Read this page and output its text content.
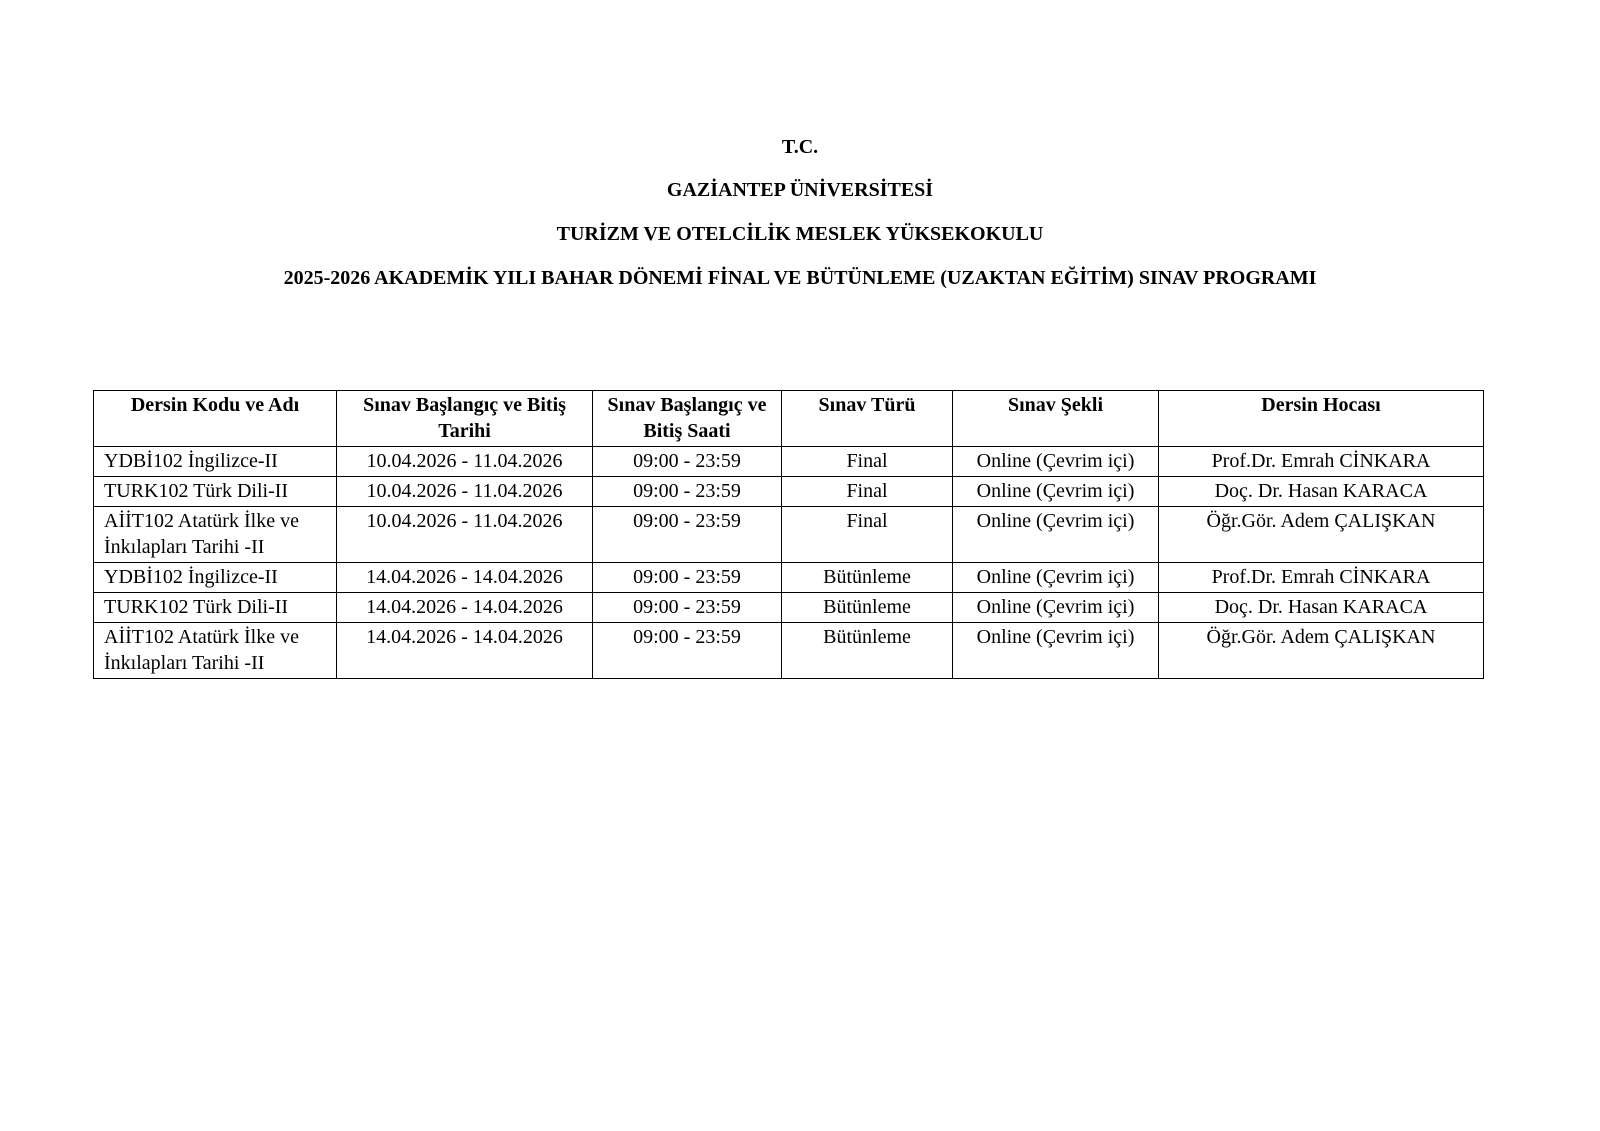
T.C.
GAZİANTEP ÜNİVERSİTESİ
TURİZM VE OTELCİLİK MESLEK YÜKSEKOKULU
2025-2026 AKADEMİK YILI BAHAR DÖNEMİ FİNAL VE BÜTÜNLEME (UZAKTAN EĞİTİM) SINAV PROGRAMI
Dersin Kodu ve Adı	Sınav Başlangıç ve Bitiş Tarihi	Sınav Başlangıç ve Bitiş Saati	Sınav Türü	Sınav Şekli	Dersin Hocası
YDBİ102 İngilizce-II	10.04.2026 - 11.04.2026	09:00 - 23:59	Final	Online (Çevrim içi)	Prof.Dr. Emrah CİNKARA
TURK102 Türk Dili-II	10.04.2026 - 11.04.2026	09:00 - 23:59	Final	Online (Çevrim içi)	Doç. Dr. Hasan KARACA
AİİT102 Atatürk İlke ve İnkılapları Tarihi -II	10.04.2026 - 11.04.2026	09:00 - 23:59	Final	Online (Çevrim içi)	Öğr.Gör. Adem ÇALIŞKAN
YDBİ102 İngilizce-II	14.04.2026 - 14.04.2026	09:00 - 23:59	Bütünleme	Online (Çevrim içi)	Prof.Dr. Emrah CİNKARA
TURK102 Türk Dili-II	14.04.2026 - 14.04.2026	09:00 - 23:59	Bütünleme	Online (Çevrim içi)	Doç. Dr. Hasan KARACA
AİİT102 Atatürk İlke ve İnkılapları Tarihi -II	14.04.2026 - 14.04.2026	09:00 - 23:59	Bütünleme	Online (Çevrim içi)	Öğr.Gör. Adem ÇALIŞKAN
